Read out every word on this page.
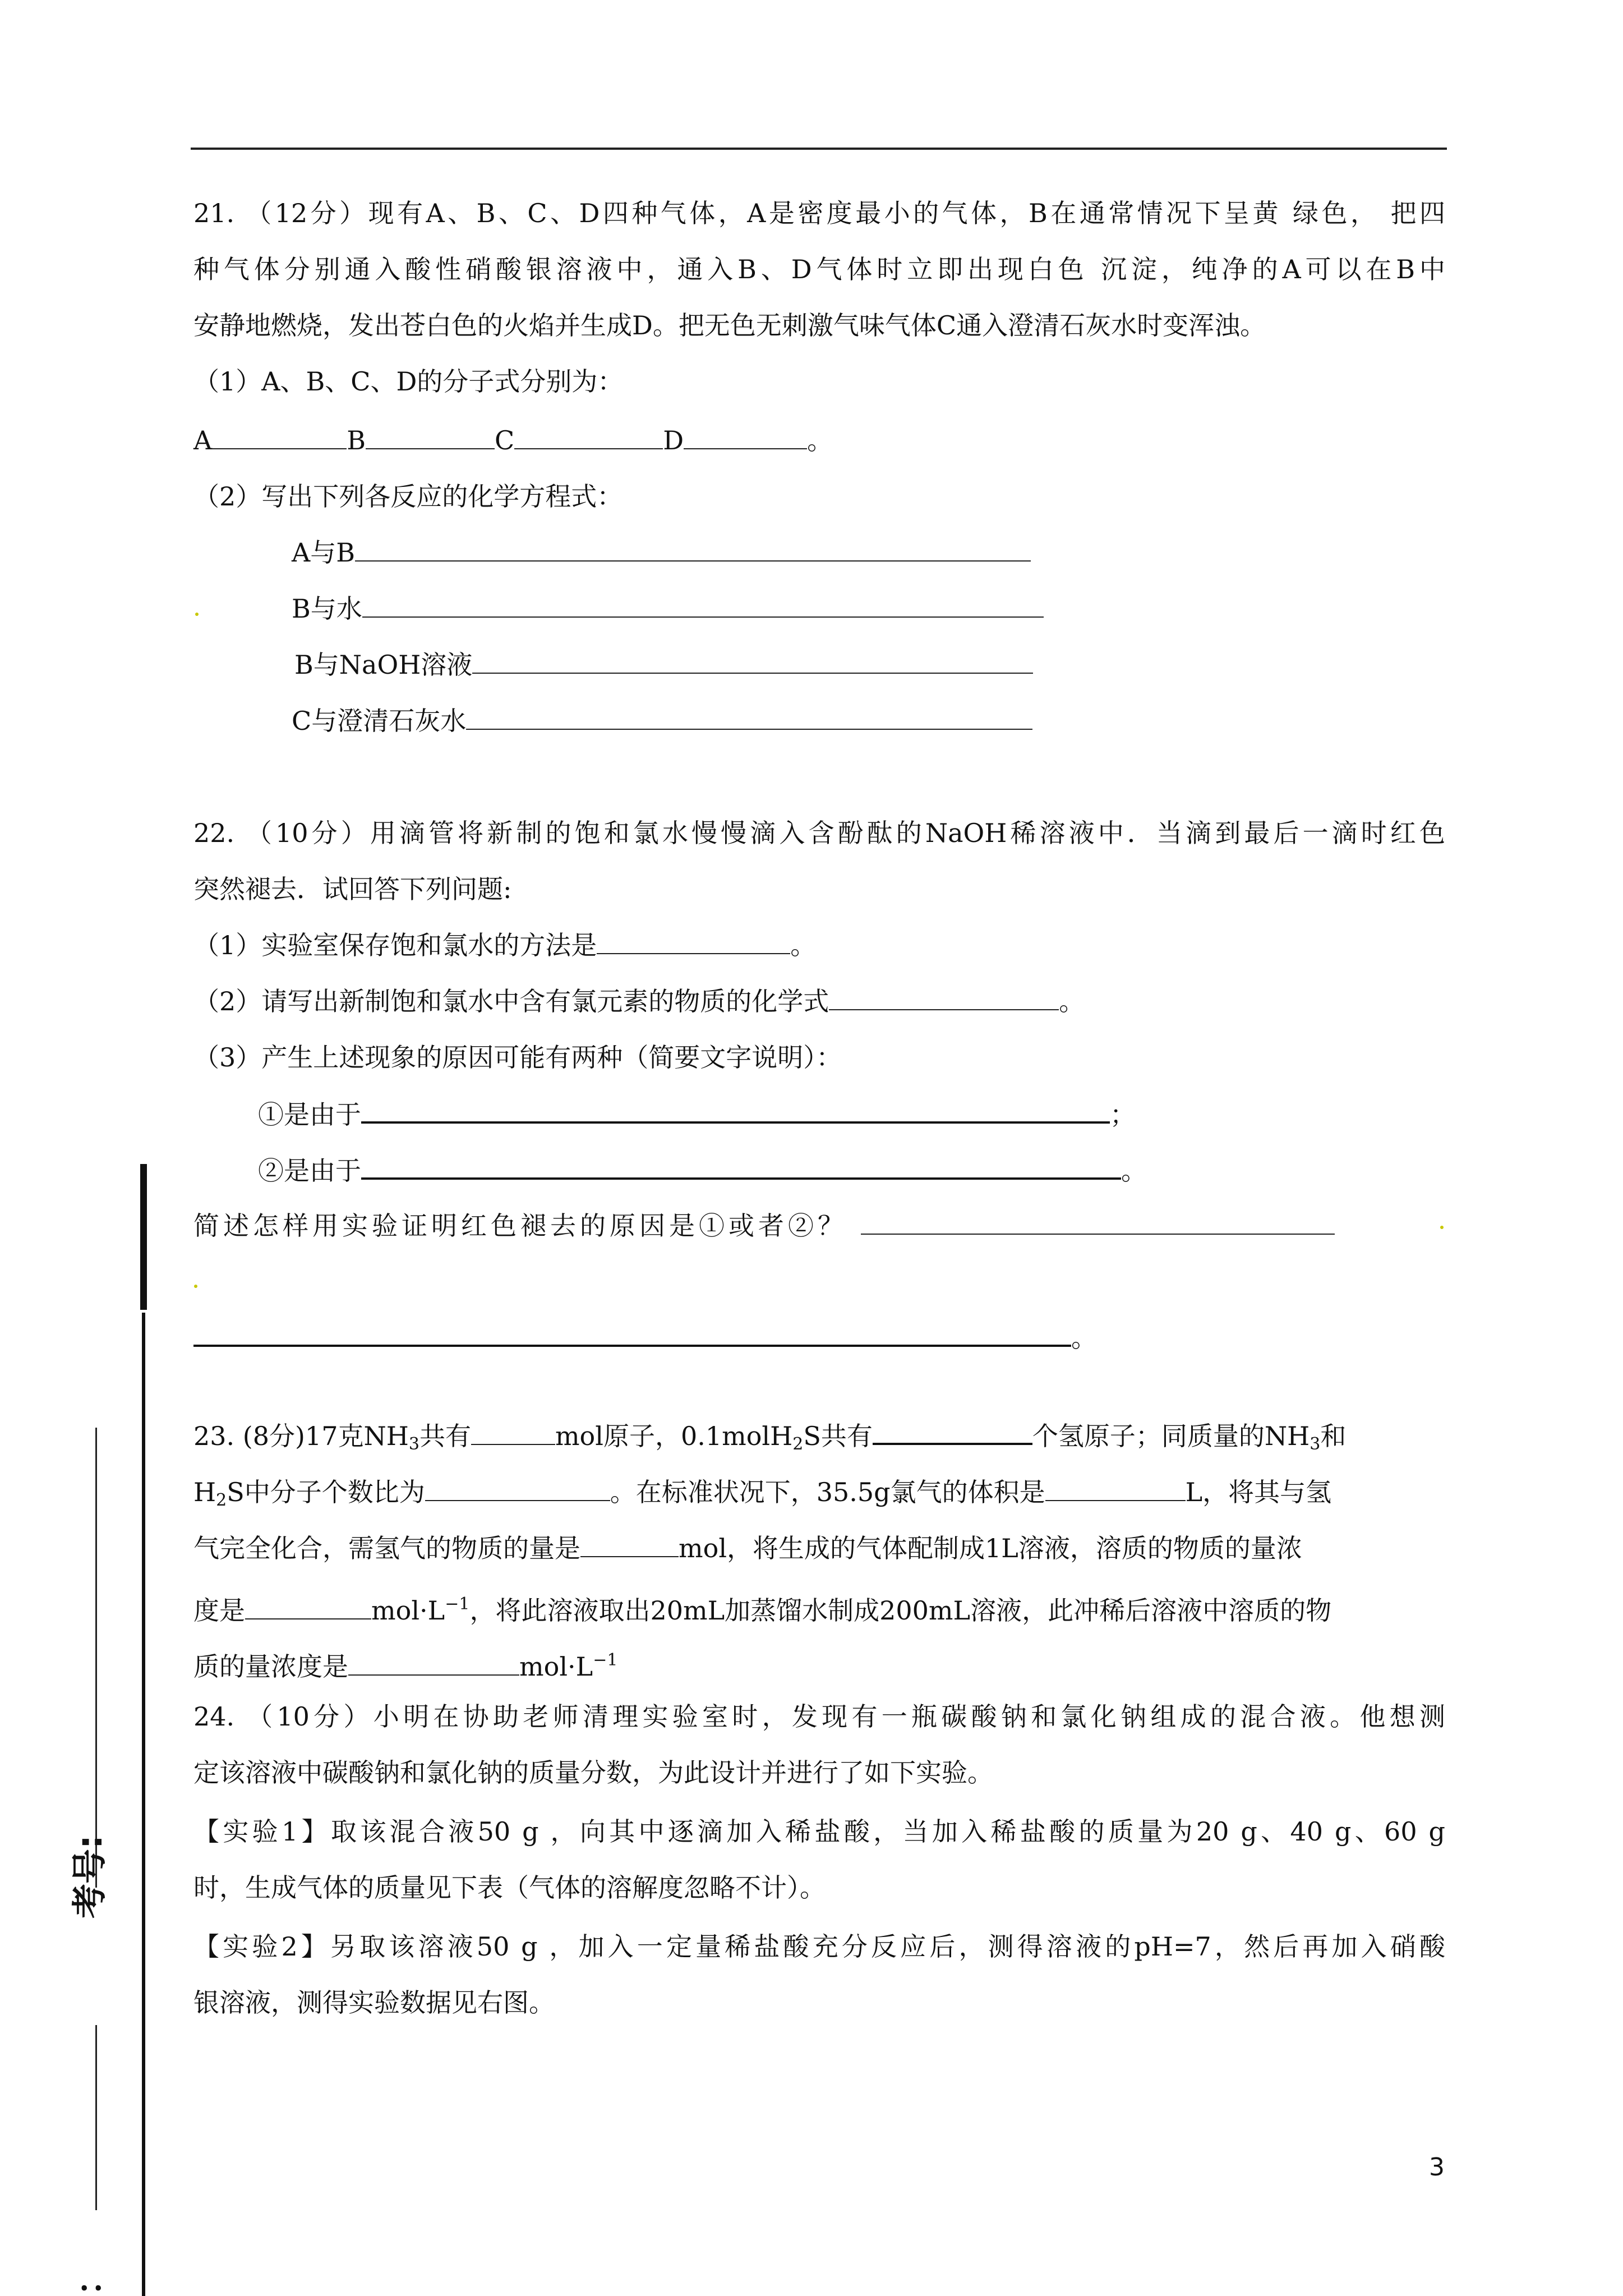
21. （12分）现有A、B、C、D四种气体，A是密度最小的气体，B在通常情况下呈黄 绿色， 把四
种气体分别通入酸性硝酸银溶液中，通入B、D气体时立即出现白色 沉淀，纯净的A可以在B中
安静地燃烧，发出苍白色的火焰并生成D。把无色无刺激气味气体C通入澄清石灰水时变浑浊。
（1）A、B、C、D的分子式分别为：
A	B	C	D	。
（2）写出下列各反应的化学方程式：
A与B
B与水
B与NaOH溶液
C与澄清石灰水
22. （10分）用滴管将新制的饱和氯水慢慢滴入含酚酞的NaOH稀溶液中．当滴到最后一滴时红色
突然褪去．试回答下列问题:
（1）实验室保存饱和氯水的方法是	。
（2）请写出新制饱和氯水中含有氯元素的物质的化学式	。
（3）产生上述现象的原因可能有两种（简要文字说明）：
①是由于	；
②是由于	。
简述怎样用实验证明红色褪去的原因是①或者②？
。
23. (8分)17克$NH_3$共有	mol原子，0.1molH$_2$S共有	个氢原子；同质量的$NH_3$和
$H_2S$中分子个数比为	。在标准状况下，35.5g氯气的体积是	L，将其与氢
气完全化合，需氢气的物质的量是	mol，将生成的气体配制成1L溶液，溶质的物质的量浓
度是	$mol\cdot L^{-1}$，将此溶液取出20mL加蒸馏水制成200mL溶液，此冲稀后溶液中溶质的物
质的量浓度是	$mol\cdot L^{-1}$
24. （10分）小明在协助老师清理实验室时，发现有一瓶碳酸钠和氯化钠组成的混合液。他想测
定该溶液中碳酸钠和氯化钠的质量分数，为此设计并进行了如下实验。
【实验1】取该混合液50 g ，向其中逐滴加入稀盐酸，当加入稀盐酸的质量为20 g、40 g、60 g
时，生成气体的质量见下表（气体的溶解度忽略不计）。
【实验2】另取该溶液50 g ，加入一定量稀盐酸充分反应后，测得溶液的pH=7，然后再加入硝酸
银溶液，测得实验数据见右图。
3
考号:
：
